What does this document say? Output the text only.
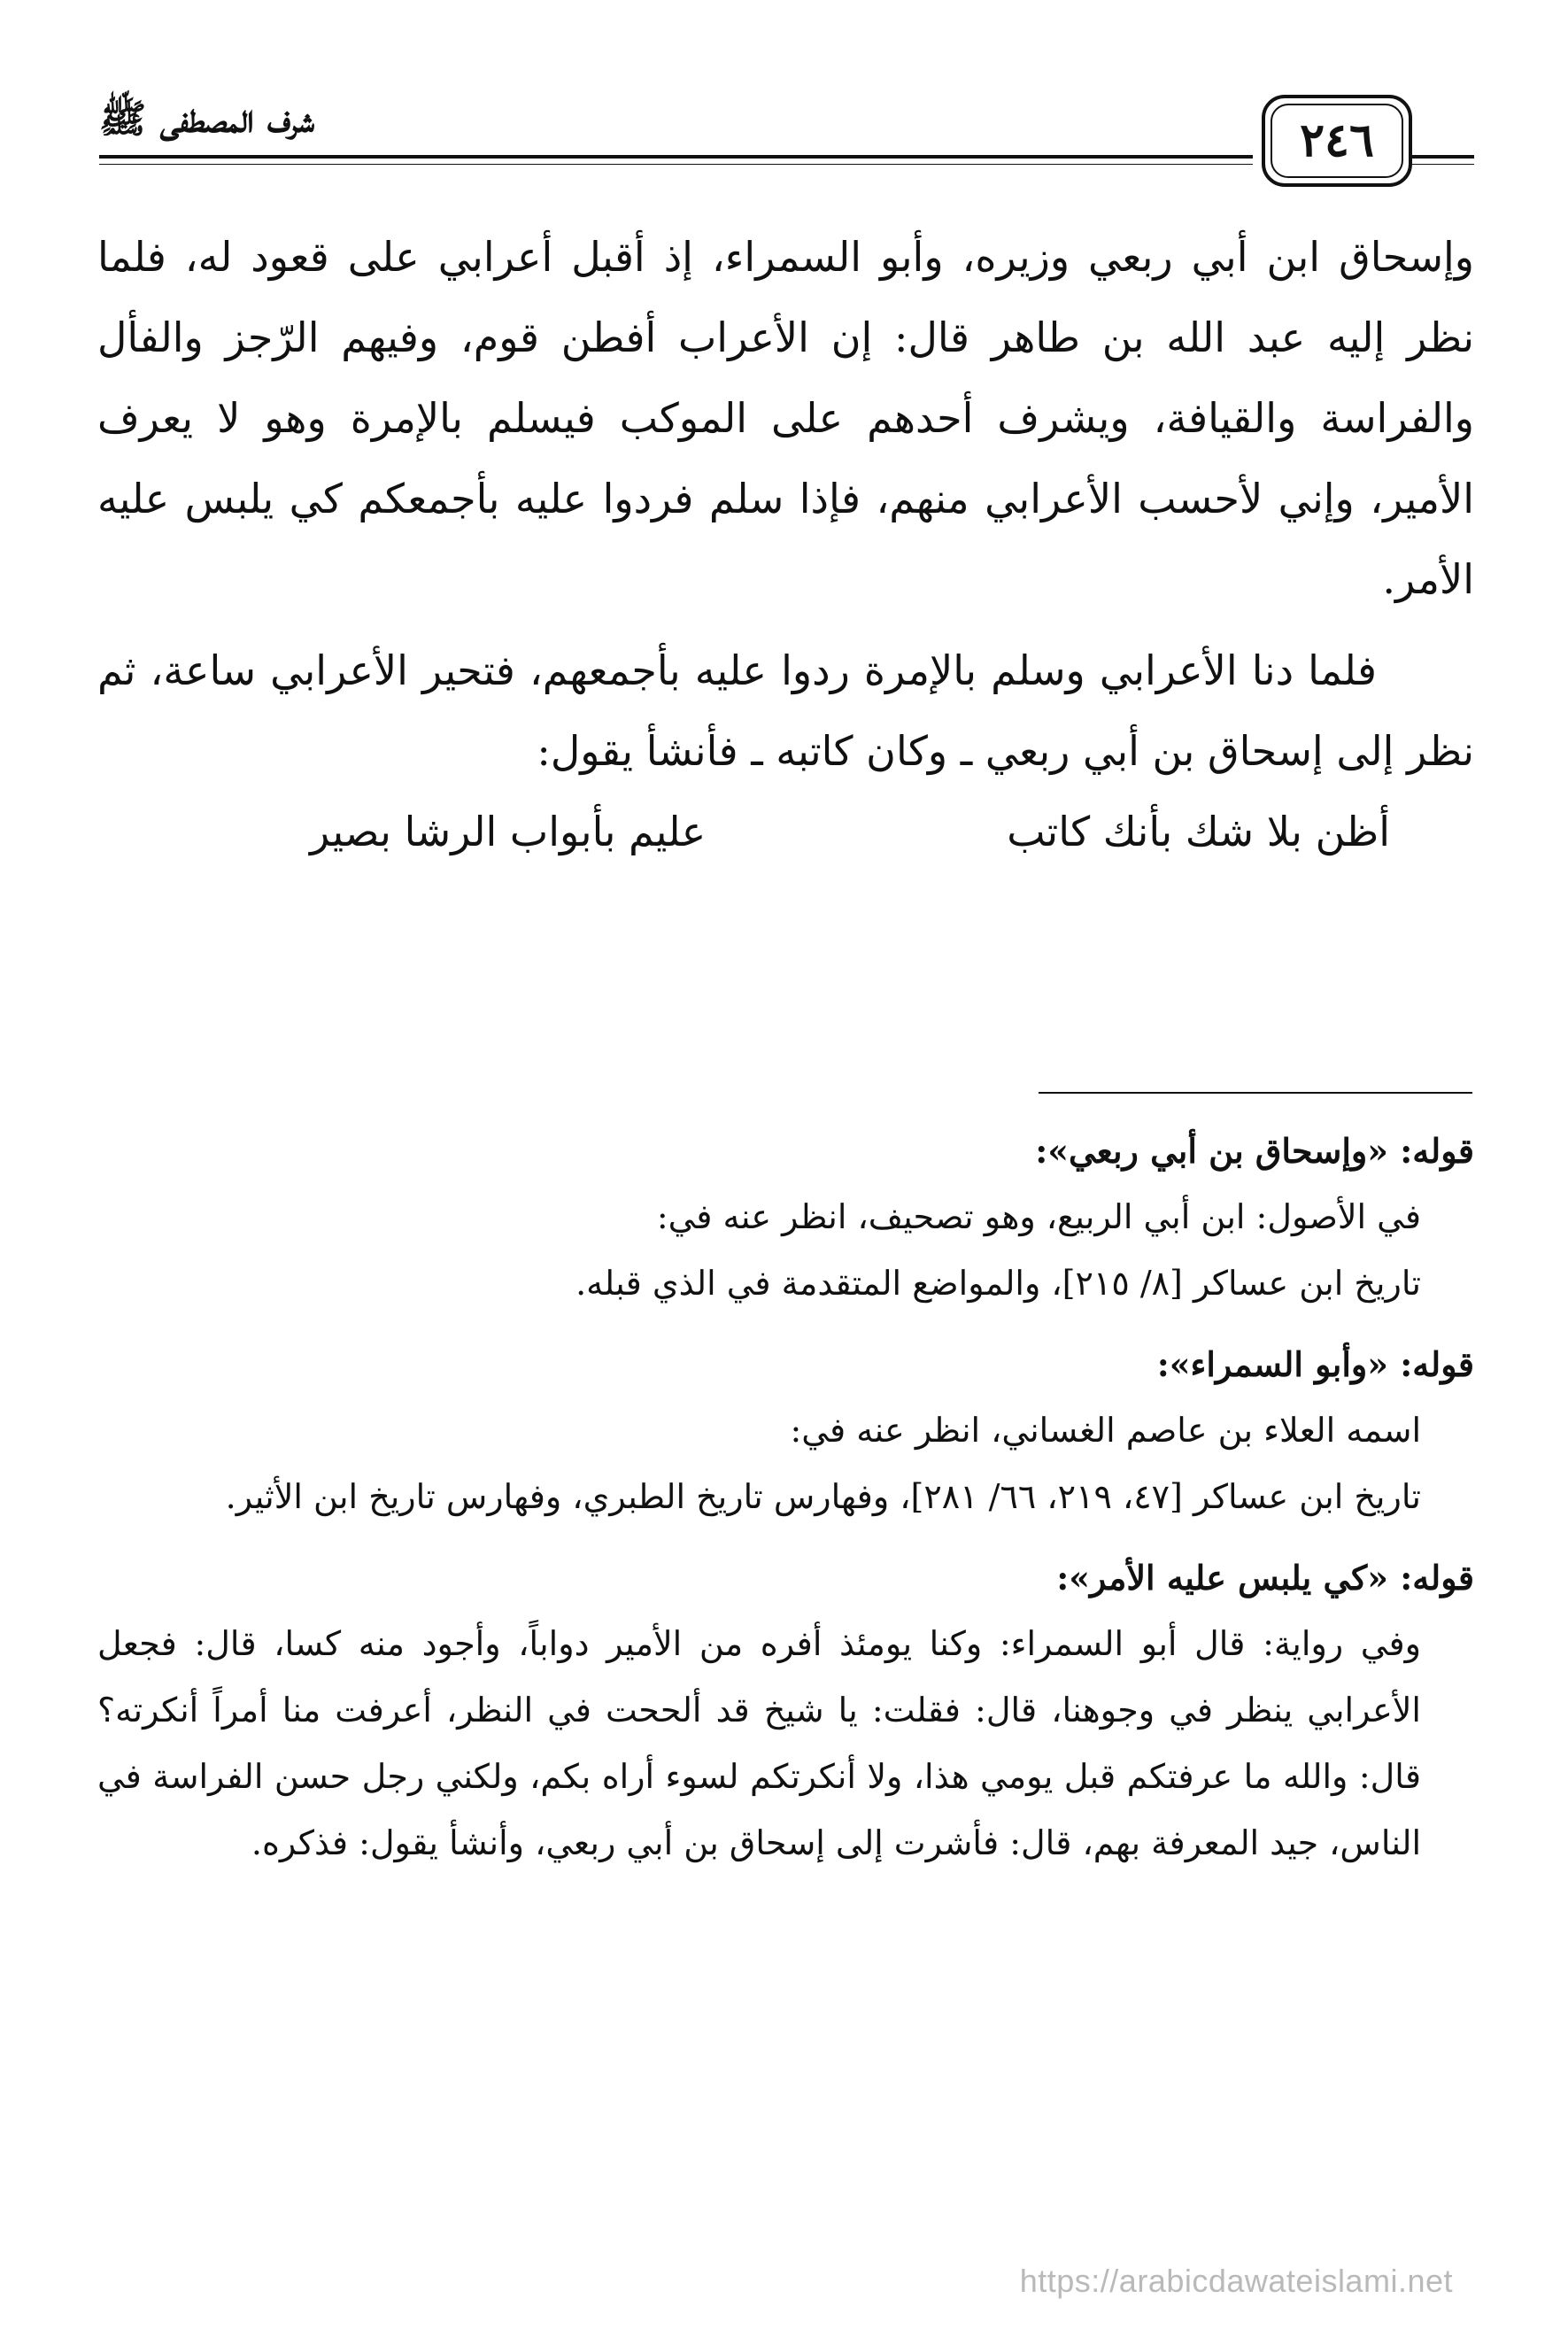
شرف المصطفى ﷺ	٢٤٦

وإسحاق ابن أبي ربعي وزيره، وأبو السمراء، إذ أقبل أعرابي على قعود له، فلما نظر إليه عبد الله بن طاهر قال: إن الأعراب أفطن قوم، وفيهم الرّجز والفأل والفراسة والقيافة، ويشرف أحدهم على الموكب فيسلم بالإمرة وهو لا يعرف الأمير، وإني لأحسب الأعرابي منهم، فإذا سلم فردوا عليه بأجمعكم كي يلبس عليه الأمر.

فلما دنا الأعرابي وسلم بالإمرة ردوا عليه بأجمعهم، فتحير الأعرابي ساعة، ثم نظر إلى إسحاق بن أبي ربعي ـ وكان كاتبه ـ فأنشأ يقول:

أظن بلا شك بأنك كاتب
عليم بأبواب الرشا بصير

قوله: «وإسحاق بن أبي ربعي»:

في الأصول: ابن أبي الربيع، وهو تصحيف، انظر عنه في:

تاريخ ابن عساكر [٨/ ٢١٥]، والمواضع المتقدمة في الذي قبله.

قوله: «وأبو السمراء»:

اسمه العلاء بن عاصم الغساني، انظر عنه في:

تاريخ ابن عساكر [٤٧، ٢١٩، ٦٦/ ٢٨١]، وفهارس تاريخ الطبري، وفهارس تاريخ ابن الأثير.

قوله: «كي يلبس عليه الأمر»:

وفي رواية: قال أبو السمراء: وكنا يومئذ أفره من الأمير دواباً، وأجود منه كسا، قال: فجعل الأعرابي ينظر في وجوهنا، قال: فقلت: يا شيخ قد ألححت في النظر، أعرفت منا أمراً أنكرته؟ قال: والله ما عرفتكم قبل يومي هذا، ولا أنكرتكم لسوء أراه بكم، ولكني رجل حسن الفراسة في الناس، جيد المعرفة بهم، قال: فأشرت إلى إسحاق بن أبي ربعي، وأنشأ يقول: فذكره.

https://arabicdawateislami.net
